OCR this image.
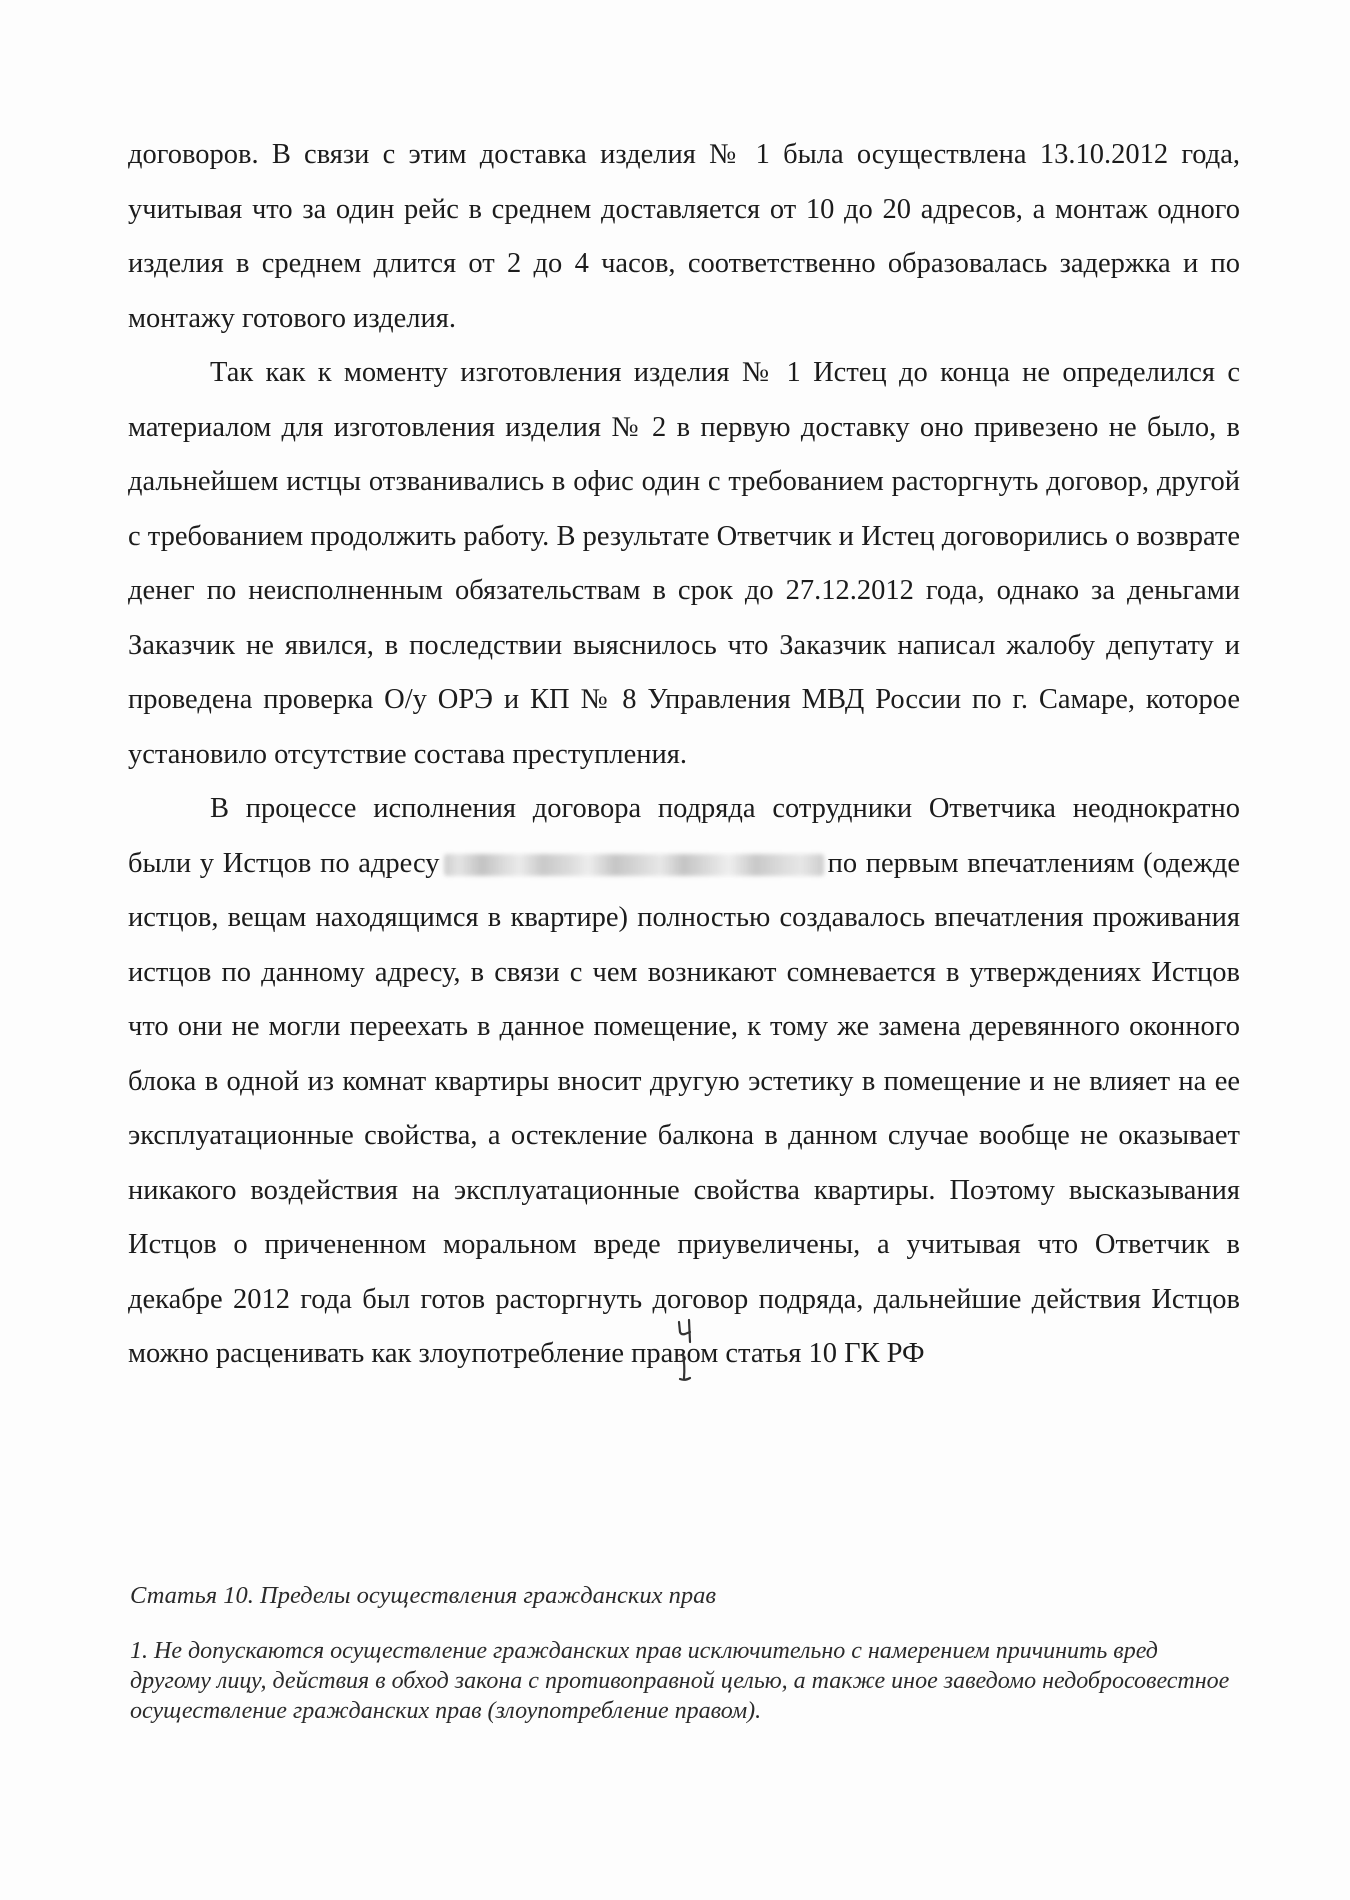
договоров. В связи с этим доставка изделия № 1 была осуществлена 13.10.2012 года, учитывая что за один рейс в среднем доставляется от 10 до 20 адресов, а монтаж одного изделия в среднем длится от 2 до 4 часов, соответственно образовалась задержка и по монтажу готового изделия.

Так как к моменту изготовления изделия № 1 Истец до конца не определился с материалом для изготовления изделия № 2 в первую доставку оно привезено не было, в дальнейшем истцы отзванивались в офис один с требованием расторгнуть договор, другой с требованием продолжить работу. В результате Ответчик и Истец договорились о возврате денег по неисполненным обязательствам в срок до 27.12.2012 года, однако за деньгами Заказчик не явился, в последствии выяснилось что Заказчик написал жалобу депутату и проведена проверка О/у ОРЭ и КП № 8 Управления МВД России по г. Самаре, которое установило отсутствие состава преступления.

В процессе исполнения договора подряда сотрудники Ответчика неоднократно были у Истцов по адресу	по первым впечатлениям (одежде истцов, вещам находящимся в квартире) полностью создавалось впечатления проживания истцов по данному адресу, в связи с чем возникают сомневается в утверждениях Истцов что они не могли переехать в данное помещение, к тому же замена деревянного оконного блока в одной из комнат квартиры вносит другую эстетику в помещение и не влияет на ее эксплуатационные свойства, а остекление балкона в данном случае вообще не оказывает никакого воздействия на эксплуатационные свойства квартиры. Поэтому высказывания Истцов о причененном моральном вреде приувеличены, а учитывая что Ответчик в декабре 2012 года был готов расторгнуть договор подряда, дальнейшие действия Истцов можно расценивать как злоупотребление правом статья 10 ГК РФ

Статья 10. Пределы осуществления гражданских прав
1. Не допускаются осуществление гражданских прав исключительно с намерением причинить вред другому лицу, действия в обход закона с противоправной целью, а также иное заведомо недобросовестное осуществление гражданских прав (злоупотребление правом).
